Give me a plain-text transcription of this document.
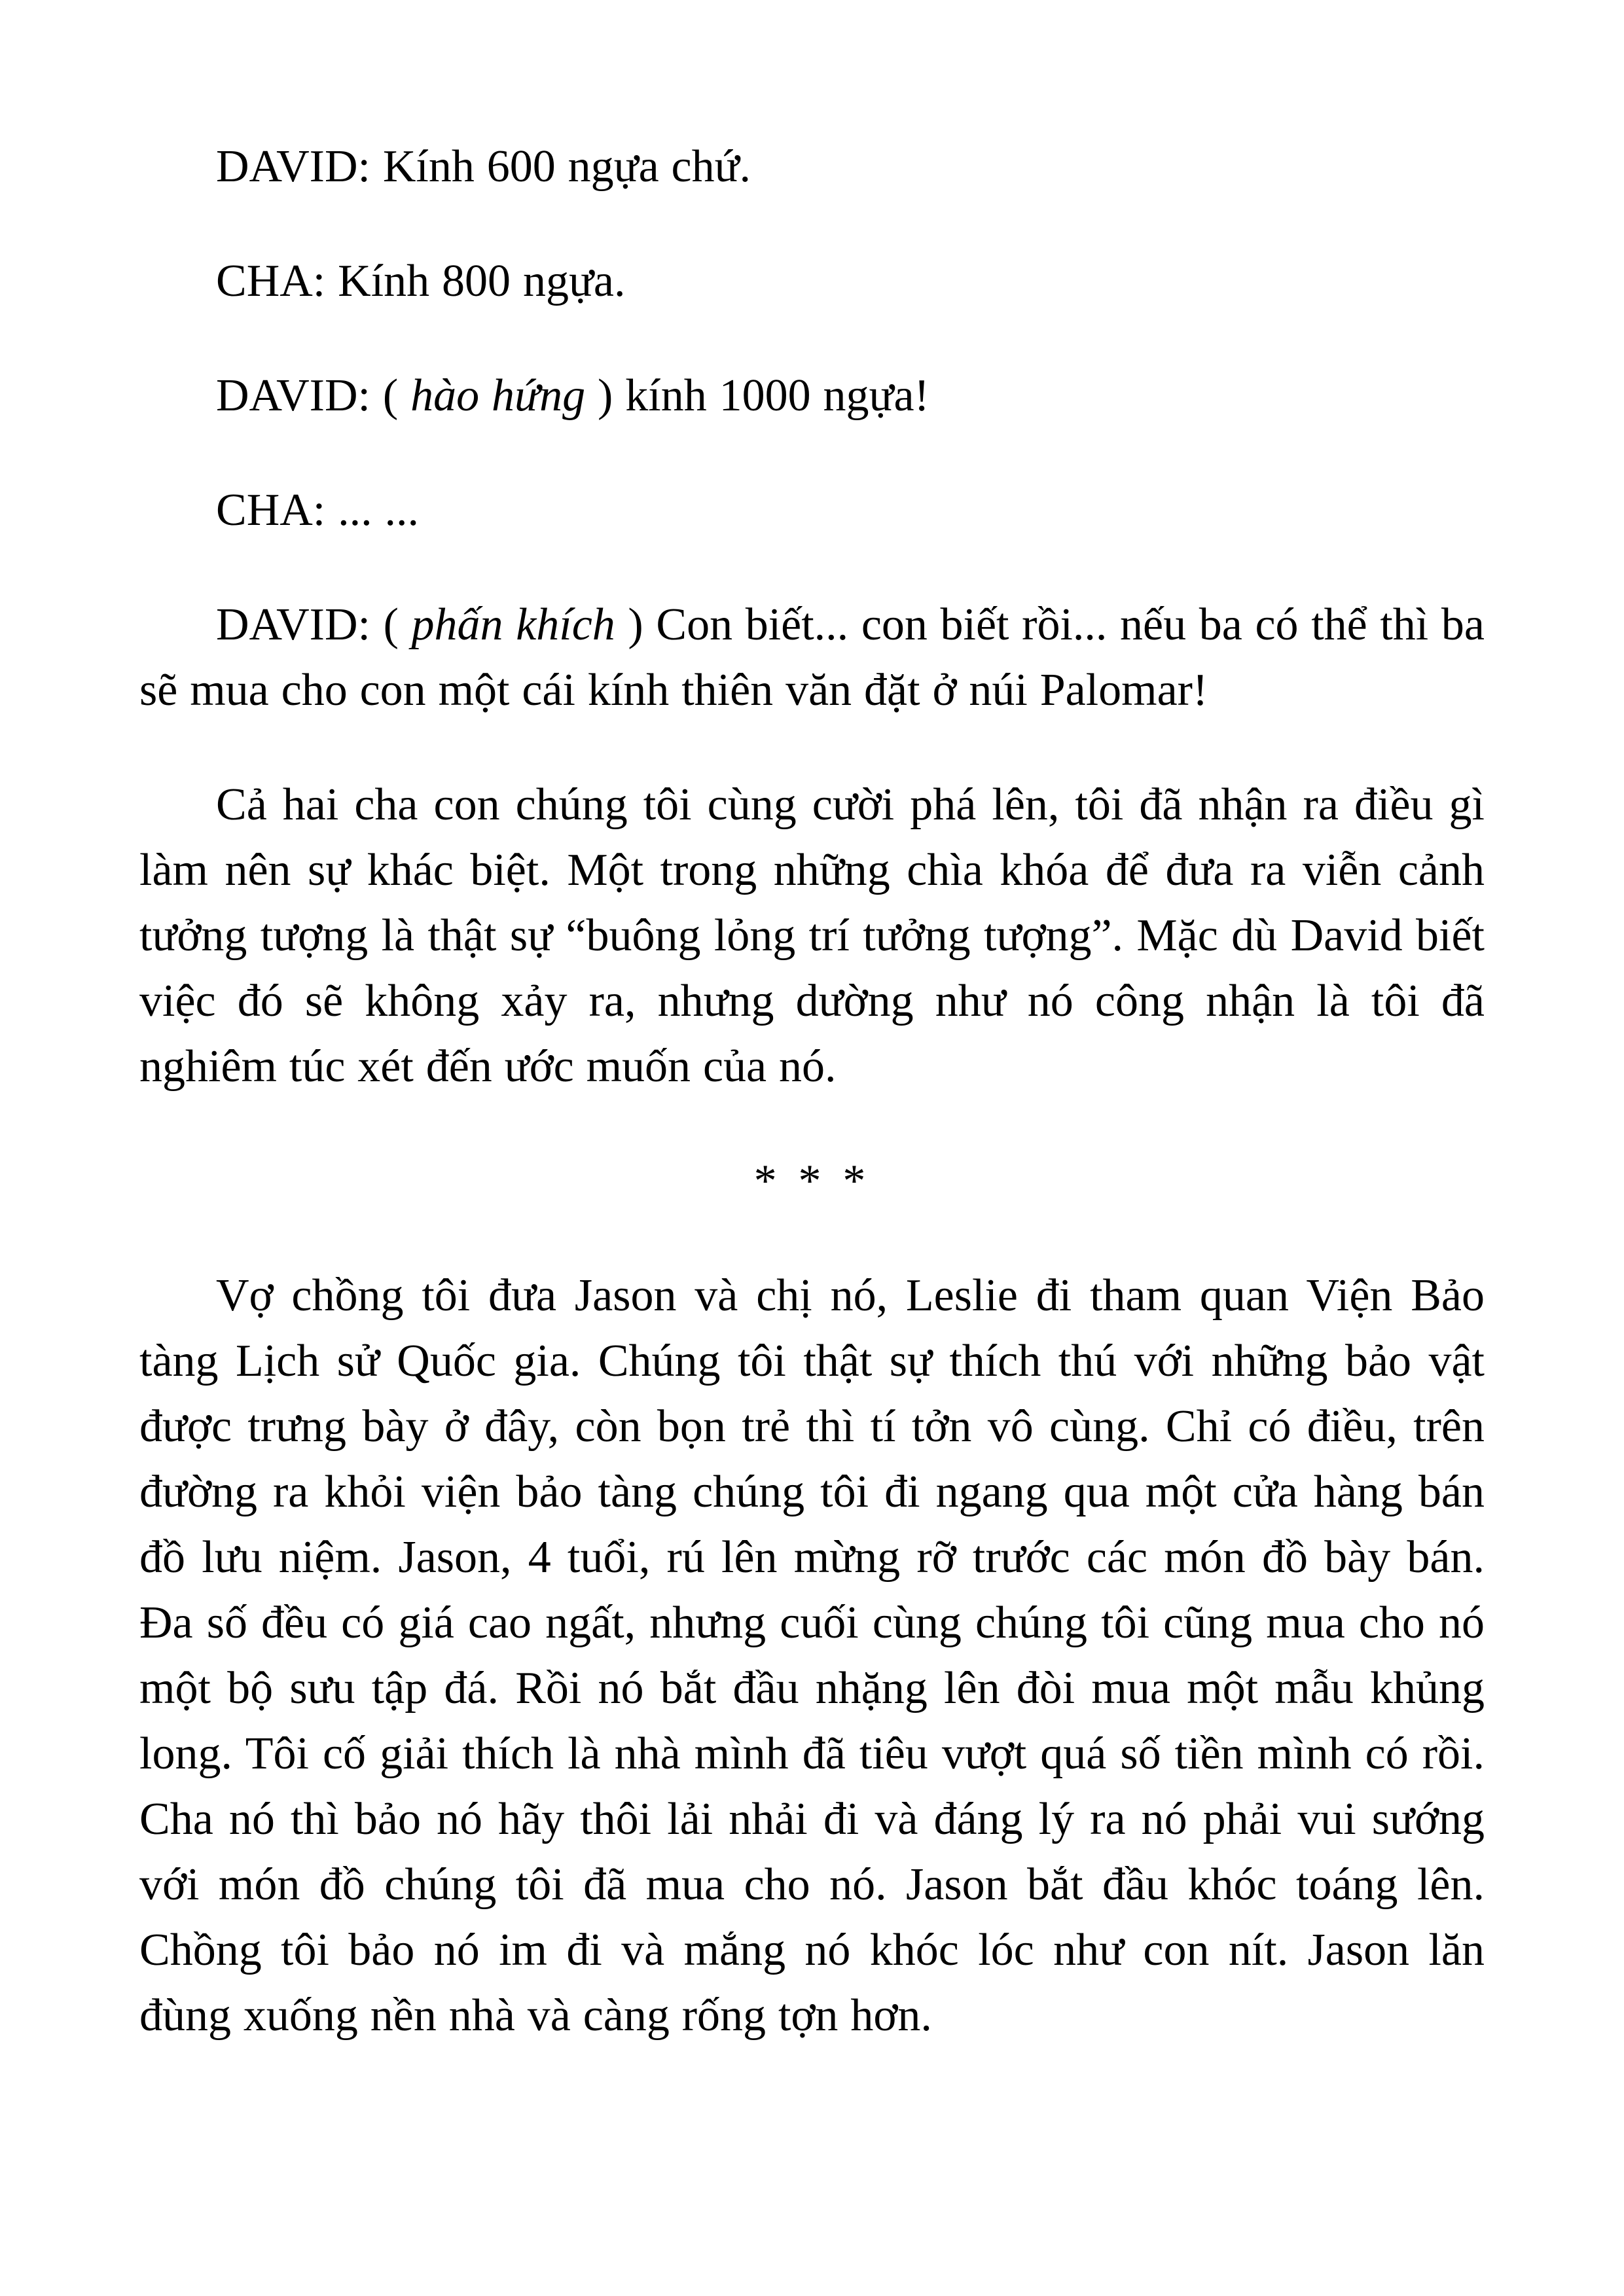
DAVID: Kính 600 ngựa chứ.

CHA: Kính 800 ngựa.

DAVID: ( hào hứng ) kính 1000 ngựa!

CHA: ... ...

DAVID: ( phấn khích ) Con biết... con biết rồi... nếu ba có thể thì ba sẽ mua cho con một cái kính thiên văn đặt ở núi Palomar!

Cả hai cha con chúng tôi cùng cười phá lên, tôi đã nhận ra điều gì làm nên sự khác biệt. Một trong những chìa khóa để đưa ra viễn cảnh tưởng tượng là thật sự “buông lỏng trí tưởng tượng”. Mặc dù David biết việc đó sẽ không xảy ra, nhưng dường như nó công nhận là tôi đã nghiêm túc xét đến ước muốn của nó.

* * *

Vợ chồng tôi đưa Jason và chị nó, Leslie đi tham quan Viện Bảo tàng Lịch sử Quốc gia. Chúng tôi thật sự thích thú với những bảo vật được trưng bày ở đây, còn bọn trẻ thì tí tởn vô cùng. Chỉ có điều, trên đường ra khỏi viện bảo tàng chúng tôi đi ngang qua một cửa hàng bán đồ lưu niệm. Jason, 4 tuổi, rú lên mừng rỡ trước các món đồ bày bán. Đa số đều có giá cao ngất, nhưng cuối cùng chúng tôi cũng mua cho nó một bộ sưu tập đá. Rồi nó bắt đầu nhặng lên đòi mua một mẫu khủng long. Tôi cố giải thích là nhà mình đã tiêu vượt quá số tiền mình có rồi. Cha nó thì bảo nó hãy thôi lải nhải đi và đáng lý ra nó phải vui sướng với món đồ chúng tôi đã mua cho nó. Jason bắt đầu khóc toáng lên. Chồng tôi bảo nó im đi và mắng nó khóc lóc như con nít. Jason lăn đùng xuống nền nhà và càng rống tợn hơn.
